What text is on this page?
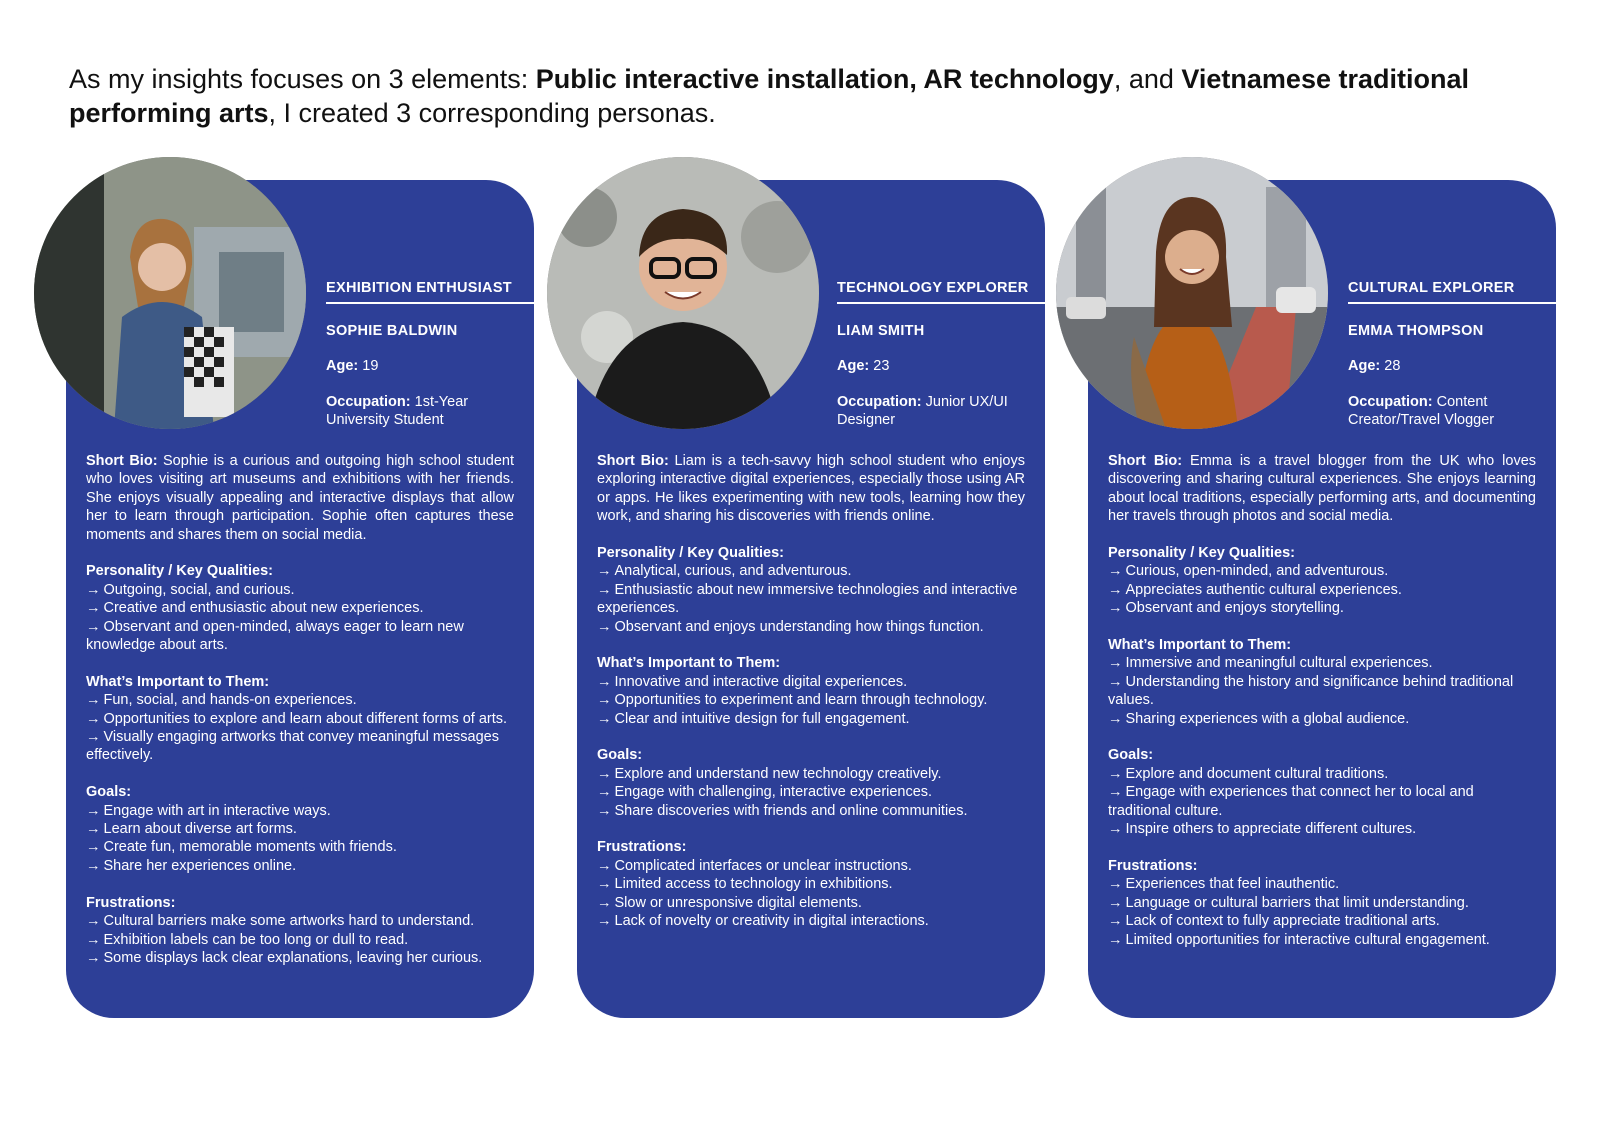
As my insights focuses on 3 elements: Public interactive installation, AR technology, and Vietnamese traditional performing arts, I created 3 corresponding personas.

EXHIBITION ENTHUSIAST
SOPHIE BALDWIN
Age: 19
Occupation: 1st-Year University Student
Short Bio: Sophie is a curious and outgoing high school student who loves visiting art museums and exhibitions with her friends. She enjoys visually appealing and interactive displays that allow her to learn through participation. Sophie often captures these moments and shares them on social media.
Personality / Key Qualities:
→ Outgoing, social, and curious.
→ Creative and enthusiastic about new experiences.
→ Observant and open-minded, always eager to learn new knowledge about arts.
What’s Important to Them:
→ Fun, social, and hands-on experiences.
→ Opportunities to explore and learn about different forms of arts.
→ Visually engaging artworks that convey meaningful messages effectively.
Goals:
→ Engage with art in interactive ways.
→ Learn about diverse art forms.
→ Create fun, memorable moments with friends.
→ Share her experiences online.
Frustrations:
→ Cultural barriers make some artworks hard to understand.
→ Exhibition labels can be too long or dull to read.
→ Some displays lack clear explanations, leaving her curious.
TECHNOLOGY EXPLORER
LIAM SMITH
Age: 23
Occupation: Junior UX/UI Designer
Short Bio: Liam is a tech-savvy high school student who enjoys exploring interactive digital experiences, especially those using AR or apps. He likes experimenting with new tools, learning how they work, and sharing his discoveries with friends online.
Personality / Key Qualities:
→ Analytical, curious, and adventurous.
→ Enthusiastic about new immersive technologies and interactive experiences.
→ Observant and enjoys understanding how things function.
What’s Important to Them:
→ Innovative and interactive digital experiences.
→ Opportunities to experiment and learn through technology.
→ Clear and intuitive design for full engagement.
Goals:
→ Explore and understand new technology creatively.
→ Engage with challenging, interactive experiences.
→ Share discoveries with friends and online communities.
Frustrations:
→ Complicated interfaces or unclear instructions.
→ Limited access to technology in exhibitions.
→ Slow or unresponsive digital elements.
→ Lack of novelty or creativity in digital interactions.
CULTURAL EXPLORER
EMMA THOMPSON
Age: 28
Occupation: Content Creator/Travel Vlogger
Short Bio: Emma is a travel blogger from the UK who loves discovering and sharing cultural experiences. She enjoys learning about local traditions, especially performing arts, and documenting her travels through photos and social media.
Personality / Key Qualities:
→ Curious, open-minded, and adventurous.
→ Appreciates authentic cultural experiences.
→ Observant and enjoys storytelling.
What’s Important to Them:
→ Immersive and meaningful cultural experiences.
→ Understanding the history and significance behind traditional values.
→ Sharing experiences with a global audience.
Goals:
→ Explore and document cultural traditions.
→ Engage with experiences that connect her to local and traditional culture.
→ Inspire others to appreciate different cultures.
Frustrations:
→ Experiences that feel inauthentic.
→ Language or cultural barriers that limit understanding.
→ Lack of context to fully appreciate traditional arts.
→ Limited opportunities for interactive cultural engagement.
